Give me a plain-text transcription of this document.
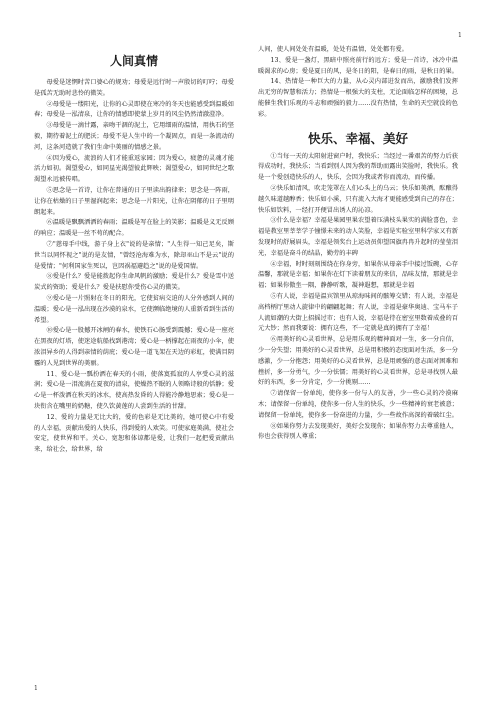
1
人间真情

母爱是迷惘时苦口婆心的规劝；母爱是远行时一声殷切的叮咛；母爱是孤苦无助时悲怜的微笑。

②母爱是一缕阳光，让你的心灵即使在寒冷的冬天也能感受到温暖如春；母爱是一泓清泉，让你的情感即使蒙上岁月的风尘仍然清澈澄净。

③母爱是一滴甘露，亲吻干涸的泥土，它用细雨的温情，用执石的坚毅，期待着泥土的肥沃；母爱不是人生中的一个凝固点，而是一条流动的河，这条河造就了我们生命中美丽的情感之景。

④因为爱心，流浪的人们才能重返家园；因为爱心，疲惫的灵魂才能活力如初。渴望爱心，如同星光渴望彼此辉映；渴望爱心，如同世纪之歌渴望永远被传唱。

⑤思念是一首诗，让你在普通的日子里读出韵律来；思念是一阵雨，让你在枯燥的日子里湿润起来；思念是一片阳光，让你在阴郁的日子里明朗起来。

⑥温暖是飘飘洒洒的春雨；温暖是写在脸上的笑影；温暖是义无反顾的响应；温暖是一丝不苟的配合。

⑦"慈母手中线，游子身上衣"说的是亲情；"人生得一知己足矣，斯世当以同怀视之"说的是友情，"曾经沧海难为水，除却巫山不是云"说的是爱情；"何利国家生死以，岂因祸福避趋之"说的是爱国情。

⑧爱是什么？爱是能拨起你生命风帆的激励；爱是什么？爱是雪中送炭式的资助；爱是什么？爱是扶慰你受伤心灵的微笑。

⑨爱心是一片照射在冬日的阳光，它使贫病交迫的人分外感到人间的温暖；爱心是一泓出现在沙漠的泉水，它使濒临绝境的人重新看到生活的希望。

⑩爱心是一股撼开冰闸的春水，使铁石心肠受到震撼；爱心是一座亮在黑夜的灯塔，使迷途航船找到港湾；爱心是一柄撑起在雨夜的小伞，使浓泪异乡的人得到亲情的荫庇；爱心是一道飞架在天边的彩虹，使满目阴霾的人见到世界的美丽。

11、爱心是一瓢扮洒在春天的小雨，使落寞孤寂的人享受心灵的滋润；爱心是一泪流淌在夏夜的清泉，使燥热不眠的人领略诗般的恬静；爱心是一杯泼洒在秋天的冰水，使高热发昏的人得能冷静地思索；爱心是一块衔含在嘴里的奶糖，使久饮黄莲的人尝到生活的甘甜。

12、爱的力量是无比大的，爱的色彩是无比美的，她可使心中有爱的人幸福，贡献出爱的人快乐，得到爱的人欢笑。可使家庭美满，使社会安定，使世界和平。关心、宽恕和体谅都是爱，让我们一起把爱贡献出来，给社会，给世界，给

人间，使人间处处有温暖，处处有温情，处处都有爱。

13、爱是一盏灯，黑暗中照亮前行的远方；爱是一首诗，冰冷中温暖渴求的心房；爱是夏日的风，是冬日的阳，是春日的雨，是秋日的果。

14、热情是一种巨大的力量，从心灵内部迸发而出，激励我们发挥出无穷的智慧和活力；热情是一根强大的支柱，无论面临怎样的困境，总能催生我们乐观的斗志和顽强的毅力……没有热情，生命的天空就没的色彩。

快乐、幸福、美好

①当每一天的太阳射进窗户时，我快乐；当经过一番艰苦的努力后获得成功时，我快乐；当看到别人因为我的帮助而露出笑脸时，我快乐。我是一个爱创造快乐的人，快乐，会因为我或者你而流动，而传播。

②快乐如清风，吹走笼罩在人们心头上的乌云；快乐如美酒，酝酿得越久味道越醇香；快乐如小溪，只有流入大海才更能感受到自己的存在；快乐如饮料，一经打开便冒出诱人的沁凉。

③什么是幸福？幸福是果园里果农望着压满枝头果实的满脸喜色，幸福是教室里莘莘学子憧憬未来的动人笑脸，幸福是实验室里科学家又有新发现时的舒展眉头，幸福是领奖台上运动员仰望国旗冉冉升起时的莹莹泪光，幸福是奋斗的结晶，勤劳的丰碑

④幸福，时时刻刻围绕在你身旁，如果你从母亲手中接过饭碗，心存温馨，那就是幸福；如果你在灯下读着朋友的来信，品味友情，那就是幸福；如果你傲坐一隅，静静听歌，凝神遐想，那就是幸福

⑤有人说，幸福是温宾馆里从琼海味间的骸筹交错；有人说，幸福是高档柄厅里动人旋律中的翩翩起舞；有人说，幸福是豪华奥迪、宝马车子人流如潮的大街上招摇过市；也有人说，幸福是待在密室里数着成叠的百元大钞；然而我要说：拥有这些，不一定就是真的拥有了幸福！

⑥用美好的心灵看世界，总是用乐观的精神面对一生，多一分自信，少一分失望；用美好的心灵看世界，总是用积极的态度面对生活，多一分感激，少一分抱怨；用美好的心灵看世界，总是用顽强的意志面对困难和挫折，多一分勇气，少一分怯懦；用美好的心灵看世界，总是寻找别人最好的东西，多一分肯定，少一分挑剔……

⑦请保留一份单纯，使你多一份与人的友善，少一些心灵的冷漠麻木；请保留一份单纯，使你多一份人生的快乐，少一些精神的衰老被意；请保留一份单纯，使你多一份奋进的力量，少一些故作高深的着破红尘。

⑧如果你努力去发现美好，美好会发现你；如果你努力去尊重他人，你也会获得别人尊重；

1
